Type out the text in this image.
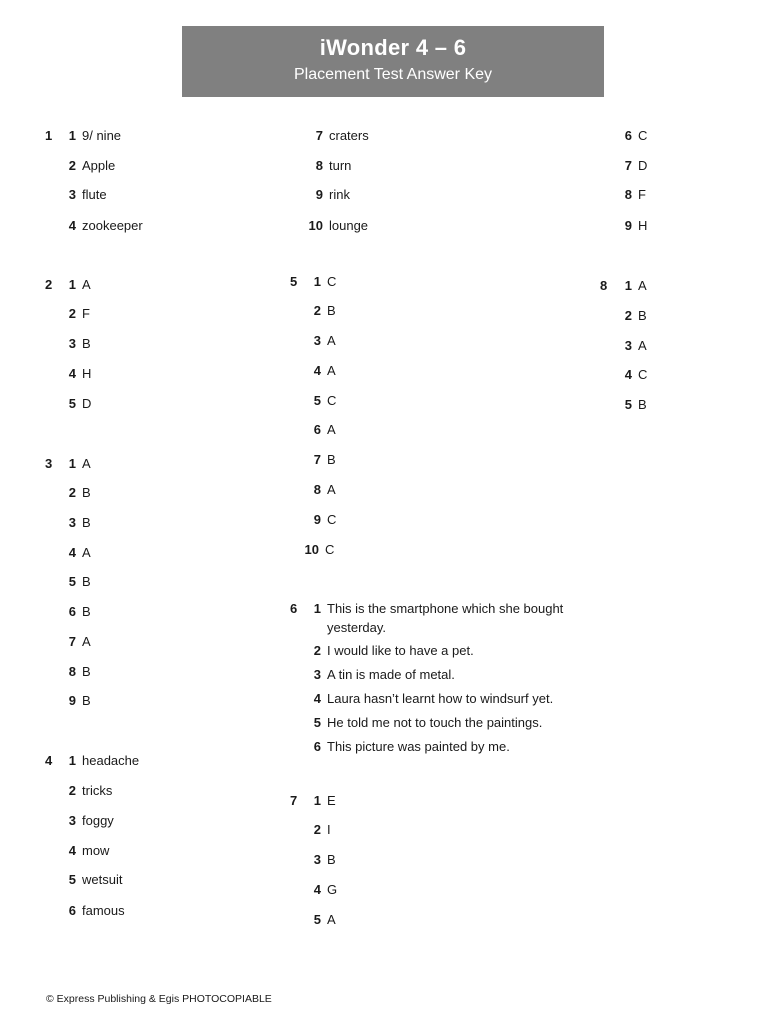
iWonder 4 – 6
Placement Test Answer Key
1	1 9/ nine
2 Apple
3 flute
4 zookeeper
2	1 A
2 F
3 B
4 H
5 D
3	1 A
2 B
3 B
4 A
5 B
6 B
7 A
8 B
9 B
4	1 headache
2 tricks
3 foggy
4 mow
5 wetsuit
6 famous
7 craters
8 turn
9 rink
10 lounge
5	1 C
2 B
3 A
4 A
5 C
6 A
7 B
8 A
9 C
10 C
6	1 This is the smartphone which she bought yesterday.
2 I would like to have a pet.
3 A tin is made of metal.
4 Laura hasn’t learnt how to windsurf yet.
5 He told me not to touch the paintings.
6 This picture was painted by me.
7	1 E
2 I
3 B
4 G
5 A
6 C
7 D
8 F
9 H
8	1 A
2 B
3 A
4 C
5 B
© Express Publishing & Egis PHOTOCOPIABLE
